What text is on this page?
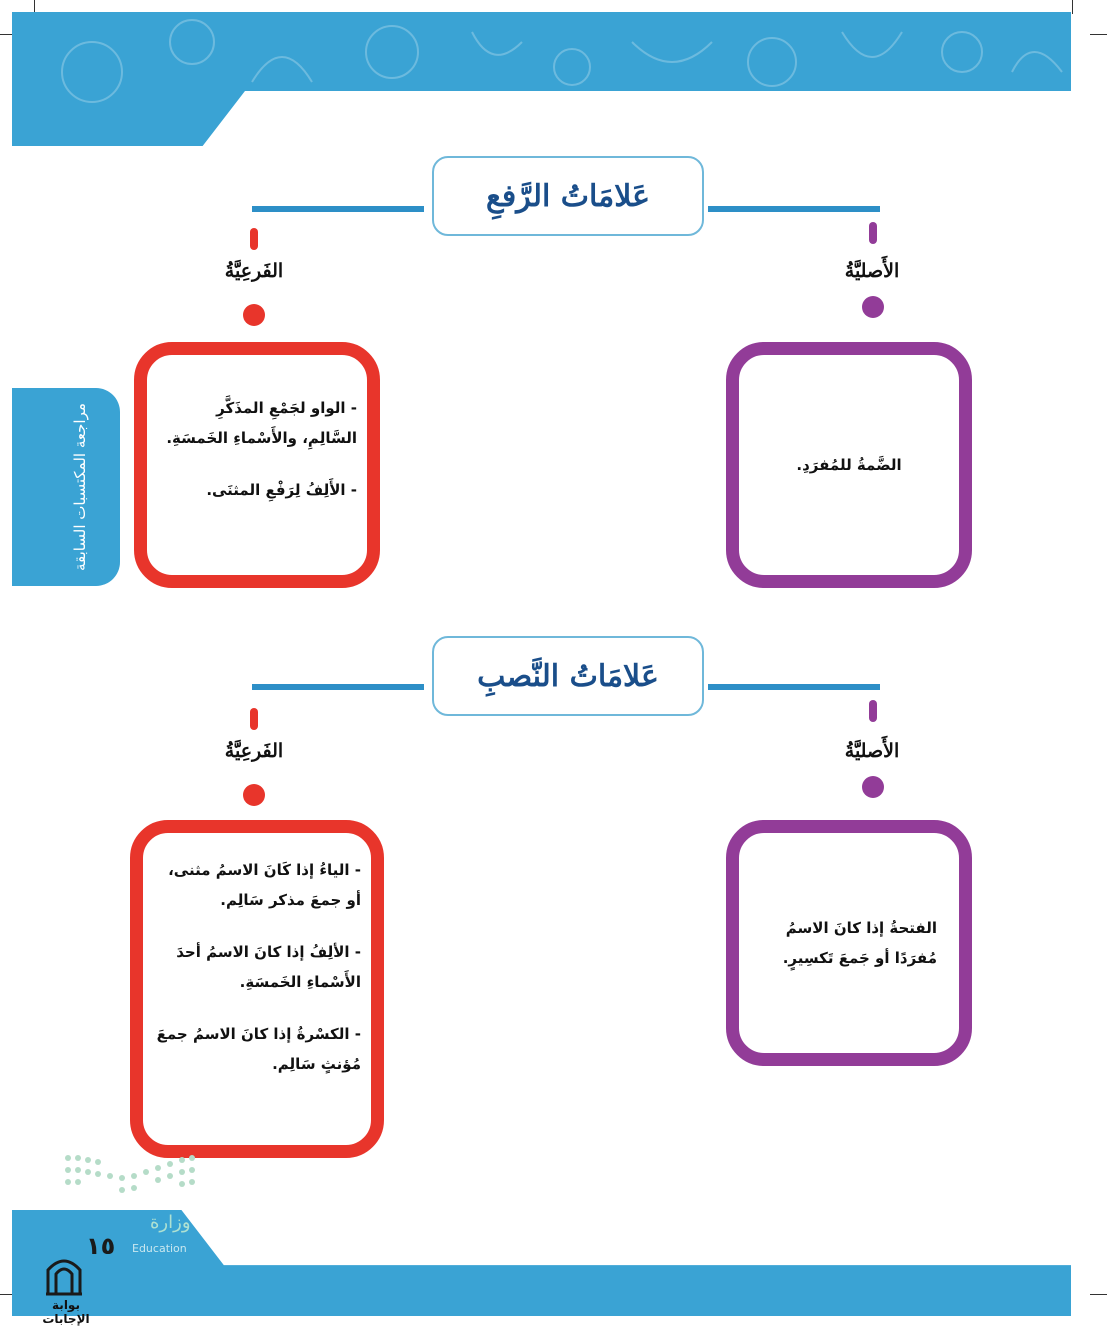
مراجعة المكتسبات السابقة
عَلامَاتُ الرَّفعِ
الفَرعِيَّةُ	الأَصليَّةُ
- الواو لجَمْعِ المذَكَّرِ السَّالِمِ، والأَسْماءِ الخَمسَةِ.
- الأَلِفُ لِرَفْعِ المثنَى.
الضَّمةُ للمُفرَدِ.
عَلامَاتُ النَّصبِ
الفَرعِيَّةُ	الأَصليَّةُ
- الياءُ إذا كَانَ الاسمُ مثنى، أو جمعَ مذكر سَالِم.
- الألِفُ إذا كانَ الاسمُ أحدَ الأَسْماءِ الخَمسَةِ.
- الكسْرةُ إذا كانَ الاسمُ جمعَ مُؤنثٍ سَالِم.
الفتحةُ إذا كانَ الاسمُ مُفرَدًا أو جَمعَ تَكسِيرٍ.
وزارة
Education
١٥
بوابة الإجابات
